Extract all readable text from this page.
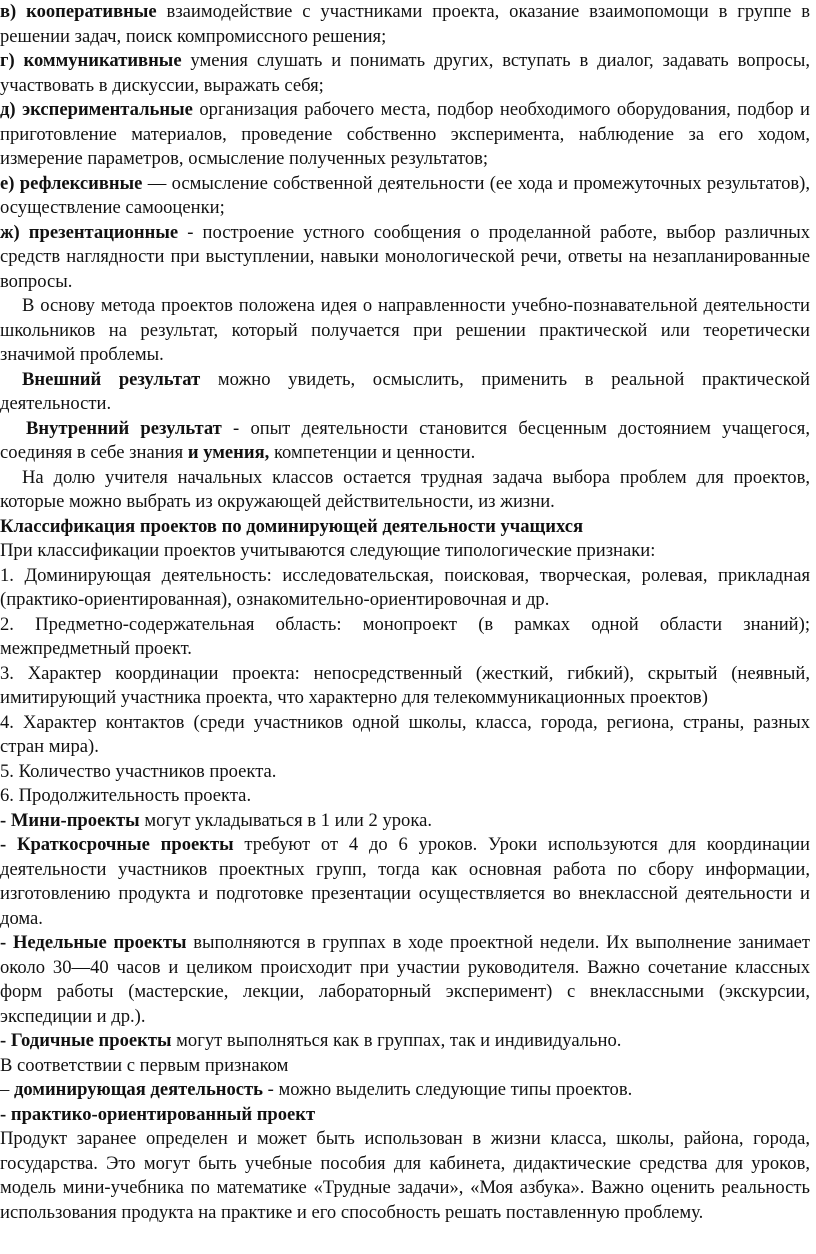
в) кооперативные взаимодействие с участниками проекта, оказание взаимопомощи в группе в решении задач, поиск компромиссного решения;

г) коммуникативные умения слушать и понимать других, вступать в диалог, задавать вопросы, участвовать в дискуссии, выражать себя;

д) экспериментальные организация рабочего места, подбор необходимого оборудования, подбор и приготовление материалов, проведение собственно эксперимента, наблюдение за его ходом, измерение параметров, осмысление полученных результатов;

е) рефлексивные — осмысление собственной деятельности (ее хода и промежуточных результатов), осуществление самооценки;

ж) презентационные - построение устного сообщения о проделанной работе, выбор различных средств наглядности при выступлении, навыки монологической речи, ответы на незапланированные вопросы.

В основу метода проектов положена идея о направленности учебно-познавательной деятельности школьников на результат, который получается при решении практической или теоретически значимой проблемы.

Внешний результат можно увидеть, осмыслить, применить в реальной практической деятельности.

Внутренний результат - опыт деятельности становится бесценным достоянием учащегося, соединяя в себе знания и умения, компетенции и ценности.

На долю учителя начальных классов остается трудная задача выбора проблем для проектов, которые можно выбрать из окружающей действительности, из жизни.

Классификация проектов по доминирующей деятельности учащихся

При классификации проектов учитываются следующие типологические признаки:

1. Доминирующая деятельность: исследовательская, поисковая, творческая, ролевая, прикладная (практико-ориентированная), ознакомительно-ориентировочная и др.

2. Предметно-содержательная область: монопроект (в рамках одной области знаний); межпредметный проект.

3. Характер координации проекта: непосредственный (жесткий, гибкий), скрытый (неявный, имитирующий участника проекта, что характерно для телекоммуникационных проектов)

4. Характер контактов (среди участников одной школы, класса, города, региона, страны, разных стран мира).

5. Количество участников проекта.

6. Продолжительность проекта.

- Мини-проекты могут укладываться в 1 или 2 урока.

- Краткосрочные проекты требуют от 4 до 6 уроков. Уроки используются для координации деятельности участников проектных групп, тогда как основная работа по сбору информации, изготовлению продукта и подготовке презентации осуществляется во внеклассной деятельности и дома.

- Недельные проекты выполняются в группах в ходе проектной недели. Их выполнение занимает около 30—40 часов и целиком происходит при участии руководителя. Важно сочетание классных форм работы (мастерские, лекции, лабораторный эксперимент) с внеклассными (экскурсии, экспедиции и др.).

- Годичные проекты могут выполняться как в группах, так и индивидуально.

В соответствии с первым признаком

– доминирующая деятельность - можно выделить следующие типы проектов.

- практико-ориентированный проект

Продукт заранее определен и может быть использован в жизни класса, школы, района, города, государства. Это могут быть учебные пособия для кабинета, дидактические средства для уроков, модель мини-учебника по математике «Трудные задачи», «Моя азбука». Важно оценить реальность использования продукта на практике и его способность решать поставленную проблему.
